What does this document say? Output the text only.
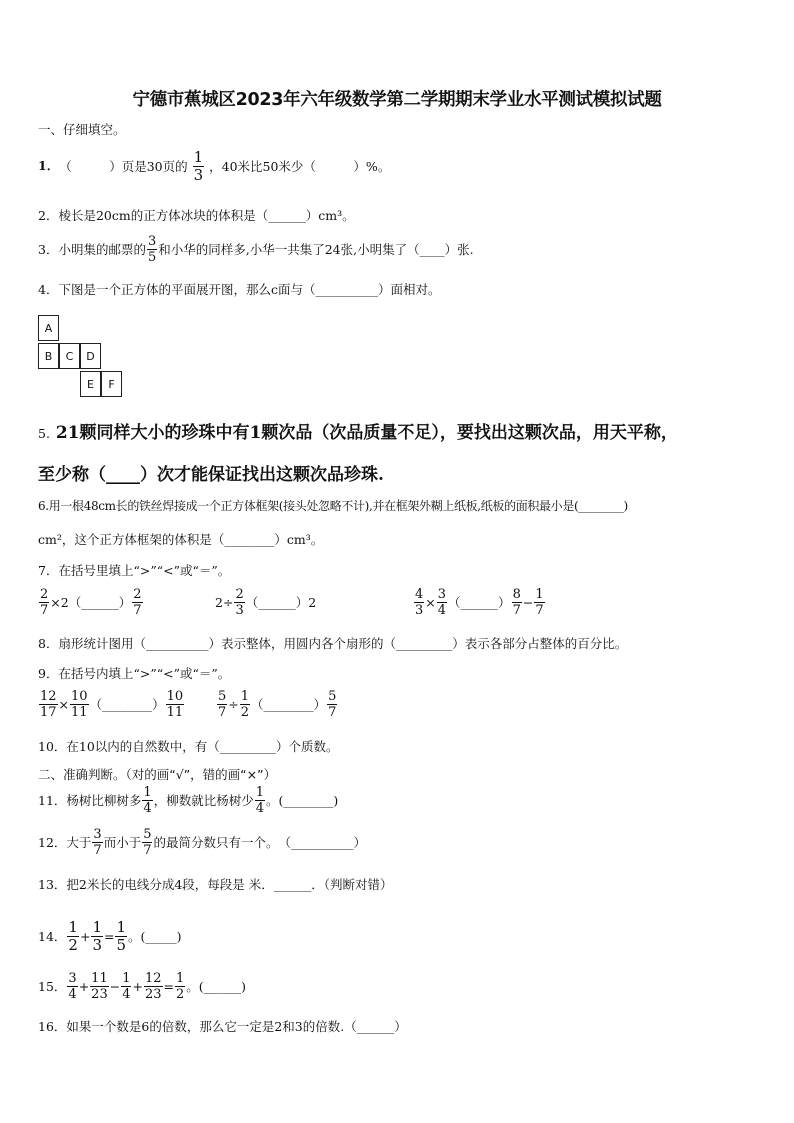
宁德市蕉城区2023年六年级数学第二学期期末学业水平测试模拟试题
一、仔细填空。
1．（　　　）页是30页的 $\frac{1}{3}$ ，40米比50米少（　　　）%。
2．棱长是20cm的正方体冰块的体积是（______）cm³。
3．小明集的邮票的 $\frac{3}{5}$ 和小华的同样多,小华一共集了24张,小明集了（____）张.
4．下图是一个正方体的平面展开图，那么c面与（__________）面相对。
A
B	C	D
E	F
5. 21颗同样大小的珍珠中有1颗次品（次品质量不足），要找出这颗次品，用天平称，
至少称（____）次才能保证找出这颗次品珍珠.
6.用一根48cm长的铁丝焊接成一个正方体框架(接头处忽略不计),并在框架外糊上纸板,纸板的面积最小是(________)
cm²，这个正方体框架的体积是（________）cm³。
7．在括号里填上“>”“<”或“＝”。
$\frac{2}{7}$ ×2（______） $\frac{2}{7}$	$2\div \frac{2}{3}$ （______）2	$\frac{4}{3} \times \frac{3}{4}$ （______） $\frac{8}{7} - \frac{1}{7}$
8．扇形统计图用（__________）表示整体，用圆内各个扇形的（_________）表示各部分占整体的百分比。
9．在括号内填上“>”“<”或“＝”。
$\frac{12}{17} \times \frac{10}{11}$ （________） $\frac{10}{11}$	$\frac{5}{7} \div \frac{1}{2}$ （________） $\frac{5}{7}$
10．在10以内的自然数中，有（_________）个质数。
二、准确判断。（对的画“√”，错的画“×”）
11．杨树比柳树多 $\frac{1}{4}$ ，柳数就比杨树少 $\frac{1}{4}$ 。(________)
12．大于 $\frac{3}{7}$ 而小于 $\frac{5}{7}$ 的最简分数只有一个。　（__________）
13．把2米长的电线分成4段，每段是 米．______．（判断对错）
14． $\frac{1}{2} + \frac{1}{3} = \frac{1}{5}$ 。(_____)
15． $\frac{3}{4} + \frac{11}{23} - \frac{1}{4} + \frac{12}{23} = \frac{1}{2}$ 。(______)
16．如果一个数是6的倍数，那么它一定是2和3的倍数.（______）
